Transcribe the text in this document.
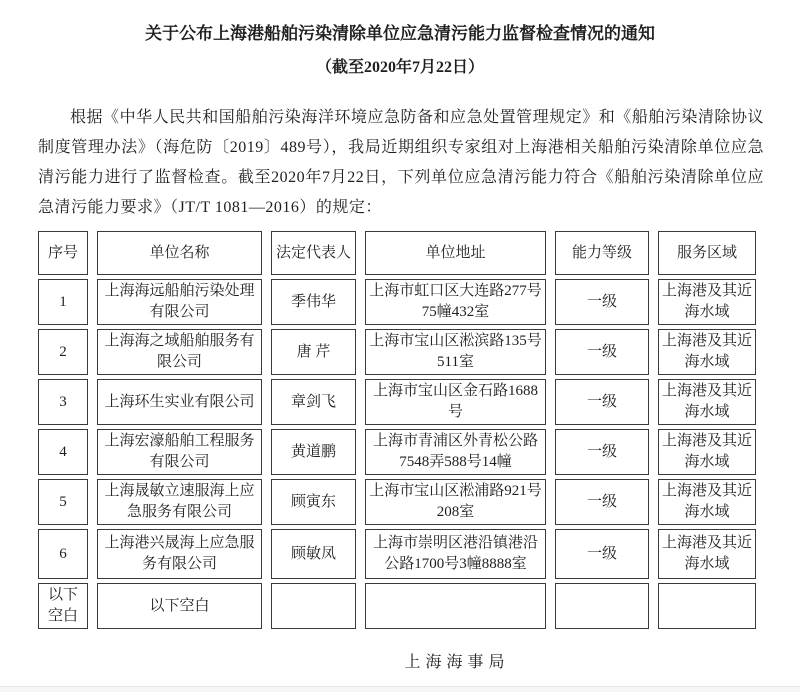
关于公布上海港船舶污染清除单位应急清污能力监督检查情况的通知
（截至2020年7月22日）

根据《中华人民共和国船舶污染海洋环境应急防备和应急处置管理规定》和《船舶污染清除协议制度管理办法》（海危防〔2019〕489号），我局近期组织专家组对上海港相关船舶污染清除单位应急清污能力进行了监督检查。截至2020年7月22日，下列单位应急清污能力符合《船舶污染清除单位应急清污能力要求》（JT/T 1081—2016）的规定：

序号	单位名称	法定代表人	单位地址	能力等级	服务区域
1	上海海远船舶污染处理有限公司	季伟华	上海市虹口区大连路277号75幢432室	一级	上海港及其近海水域
2	上海海之域船舶服务有限公司	唐 芹	上海市宝山区淞滨路135号511室	一级	上海港及其近海水域
3	上海环生实业有限公司	章剑飞	上海市宝山区金石路1688号	一级	上海港及其近海水域
4	上海宏濠船舶工程服务有限公司	黄道鹏	上海市青浦区外青松公路7548弄588号14幢	一级	上海港及其近海水域
5	上海晟敏立速服海上应急服务有限公司	顾寅东	上海市宝山区淞浦路921号208室	一级	上海港及其近海水域
6	上海港兴晟海上应急服务有限公司	顾敏凤	上海市崇明区港沿镇港沿公路1700号3幢8888室	一级	上海港及其近海水域
以下空白	以下空白				
上海海事局
